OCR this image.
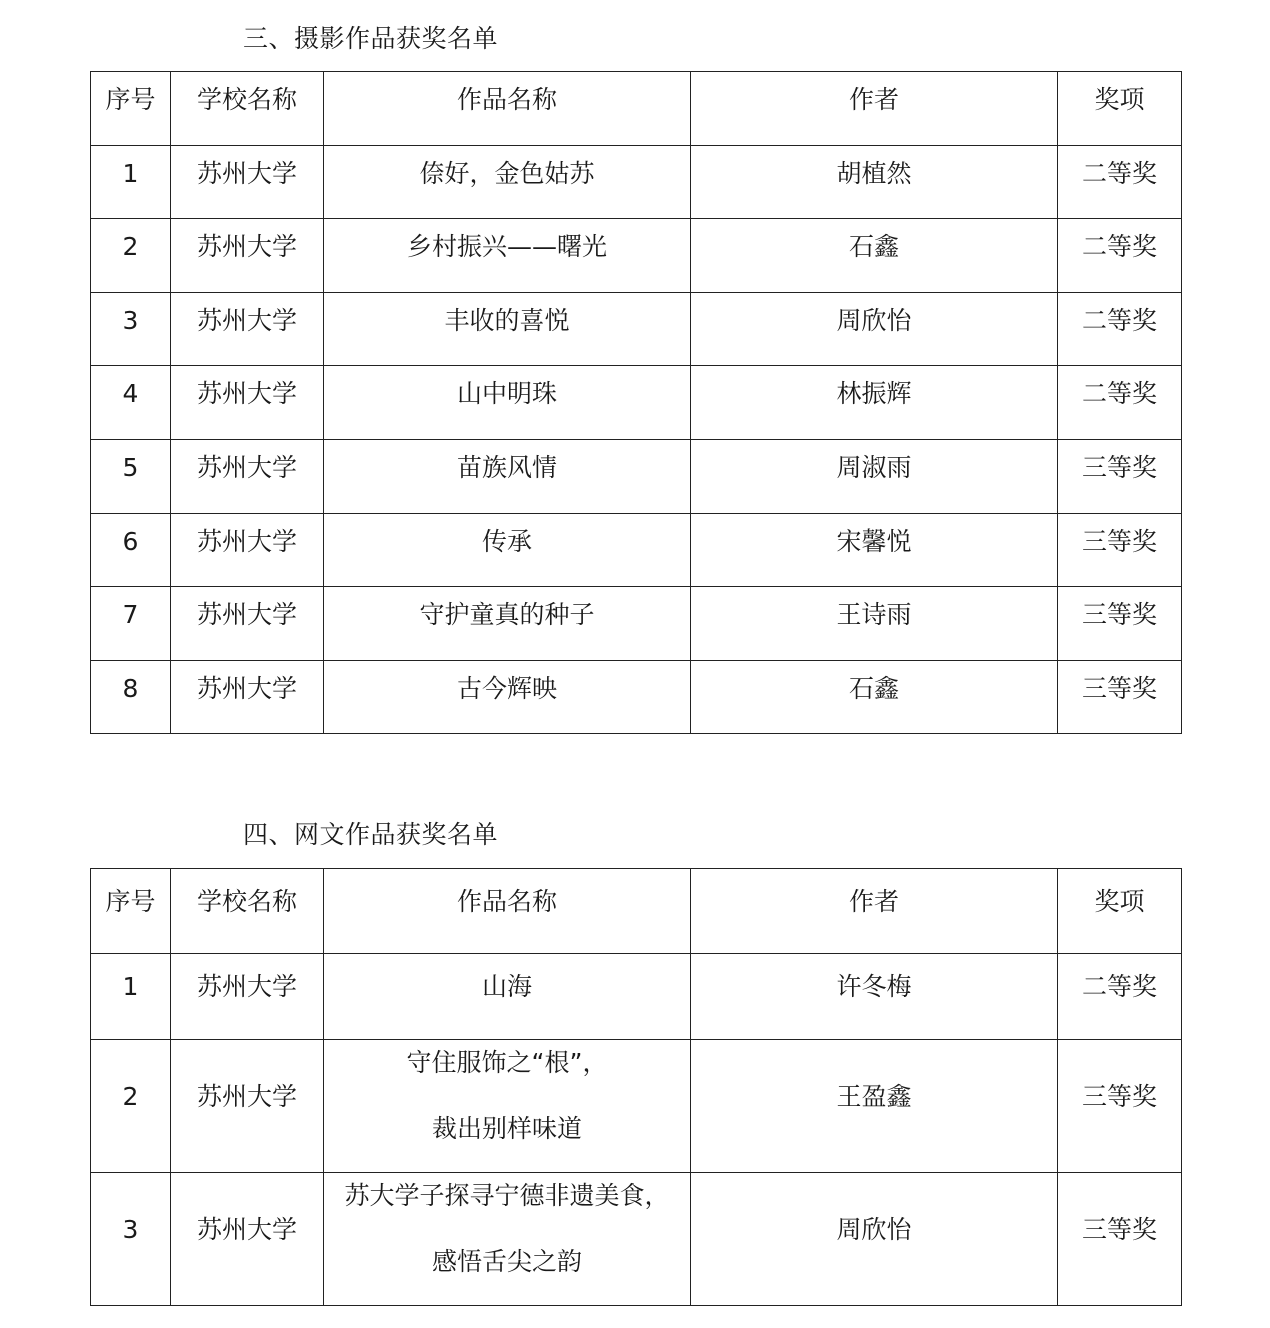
三、摄影作品获奖名单
序号	学校名称	作品名称	作者	奖项
1	苏州大学	倷好，金色姑苏	胡植然	二等奖
2	苏州大学	乡村振兴——曙光	石鑫	二等奖
3	苏州大学	丰收的喜悦	周欣怡	二等奖
4	苏州大学	山中明珠	林振辉	二等奖
5	苏州大学	苗族风情	周淑雨	三等奖
6	苏州大学	传承	宋馨悦	三等奖
7	苏州大学	守护童真的种子	王诗雨	三等奖
8	苏州大学	古今辉映	石鑫	三等奖
四、网文作品获奖名单
序号	学校名称	作品名称	作者	奖项
1	苏州大学	山海	许冬梅	二等奖
2	苏州大学	守住服饰之“根”，
裁出别样味道	王盈鑫	三等奖
3	苏州大学	苏大学子探寻宁德非遗美食，
感悟舌尖之韵	周欣怡	三等奖
